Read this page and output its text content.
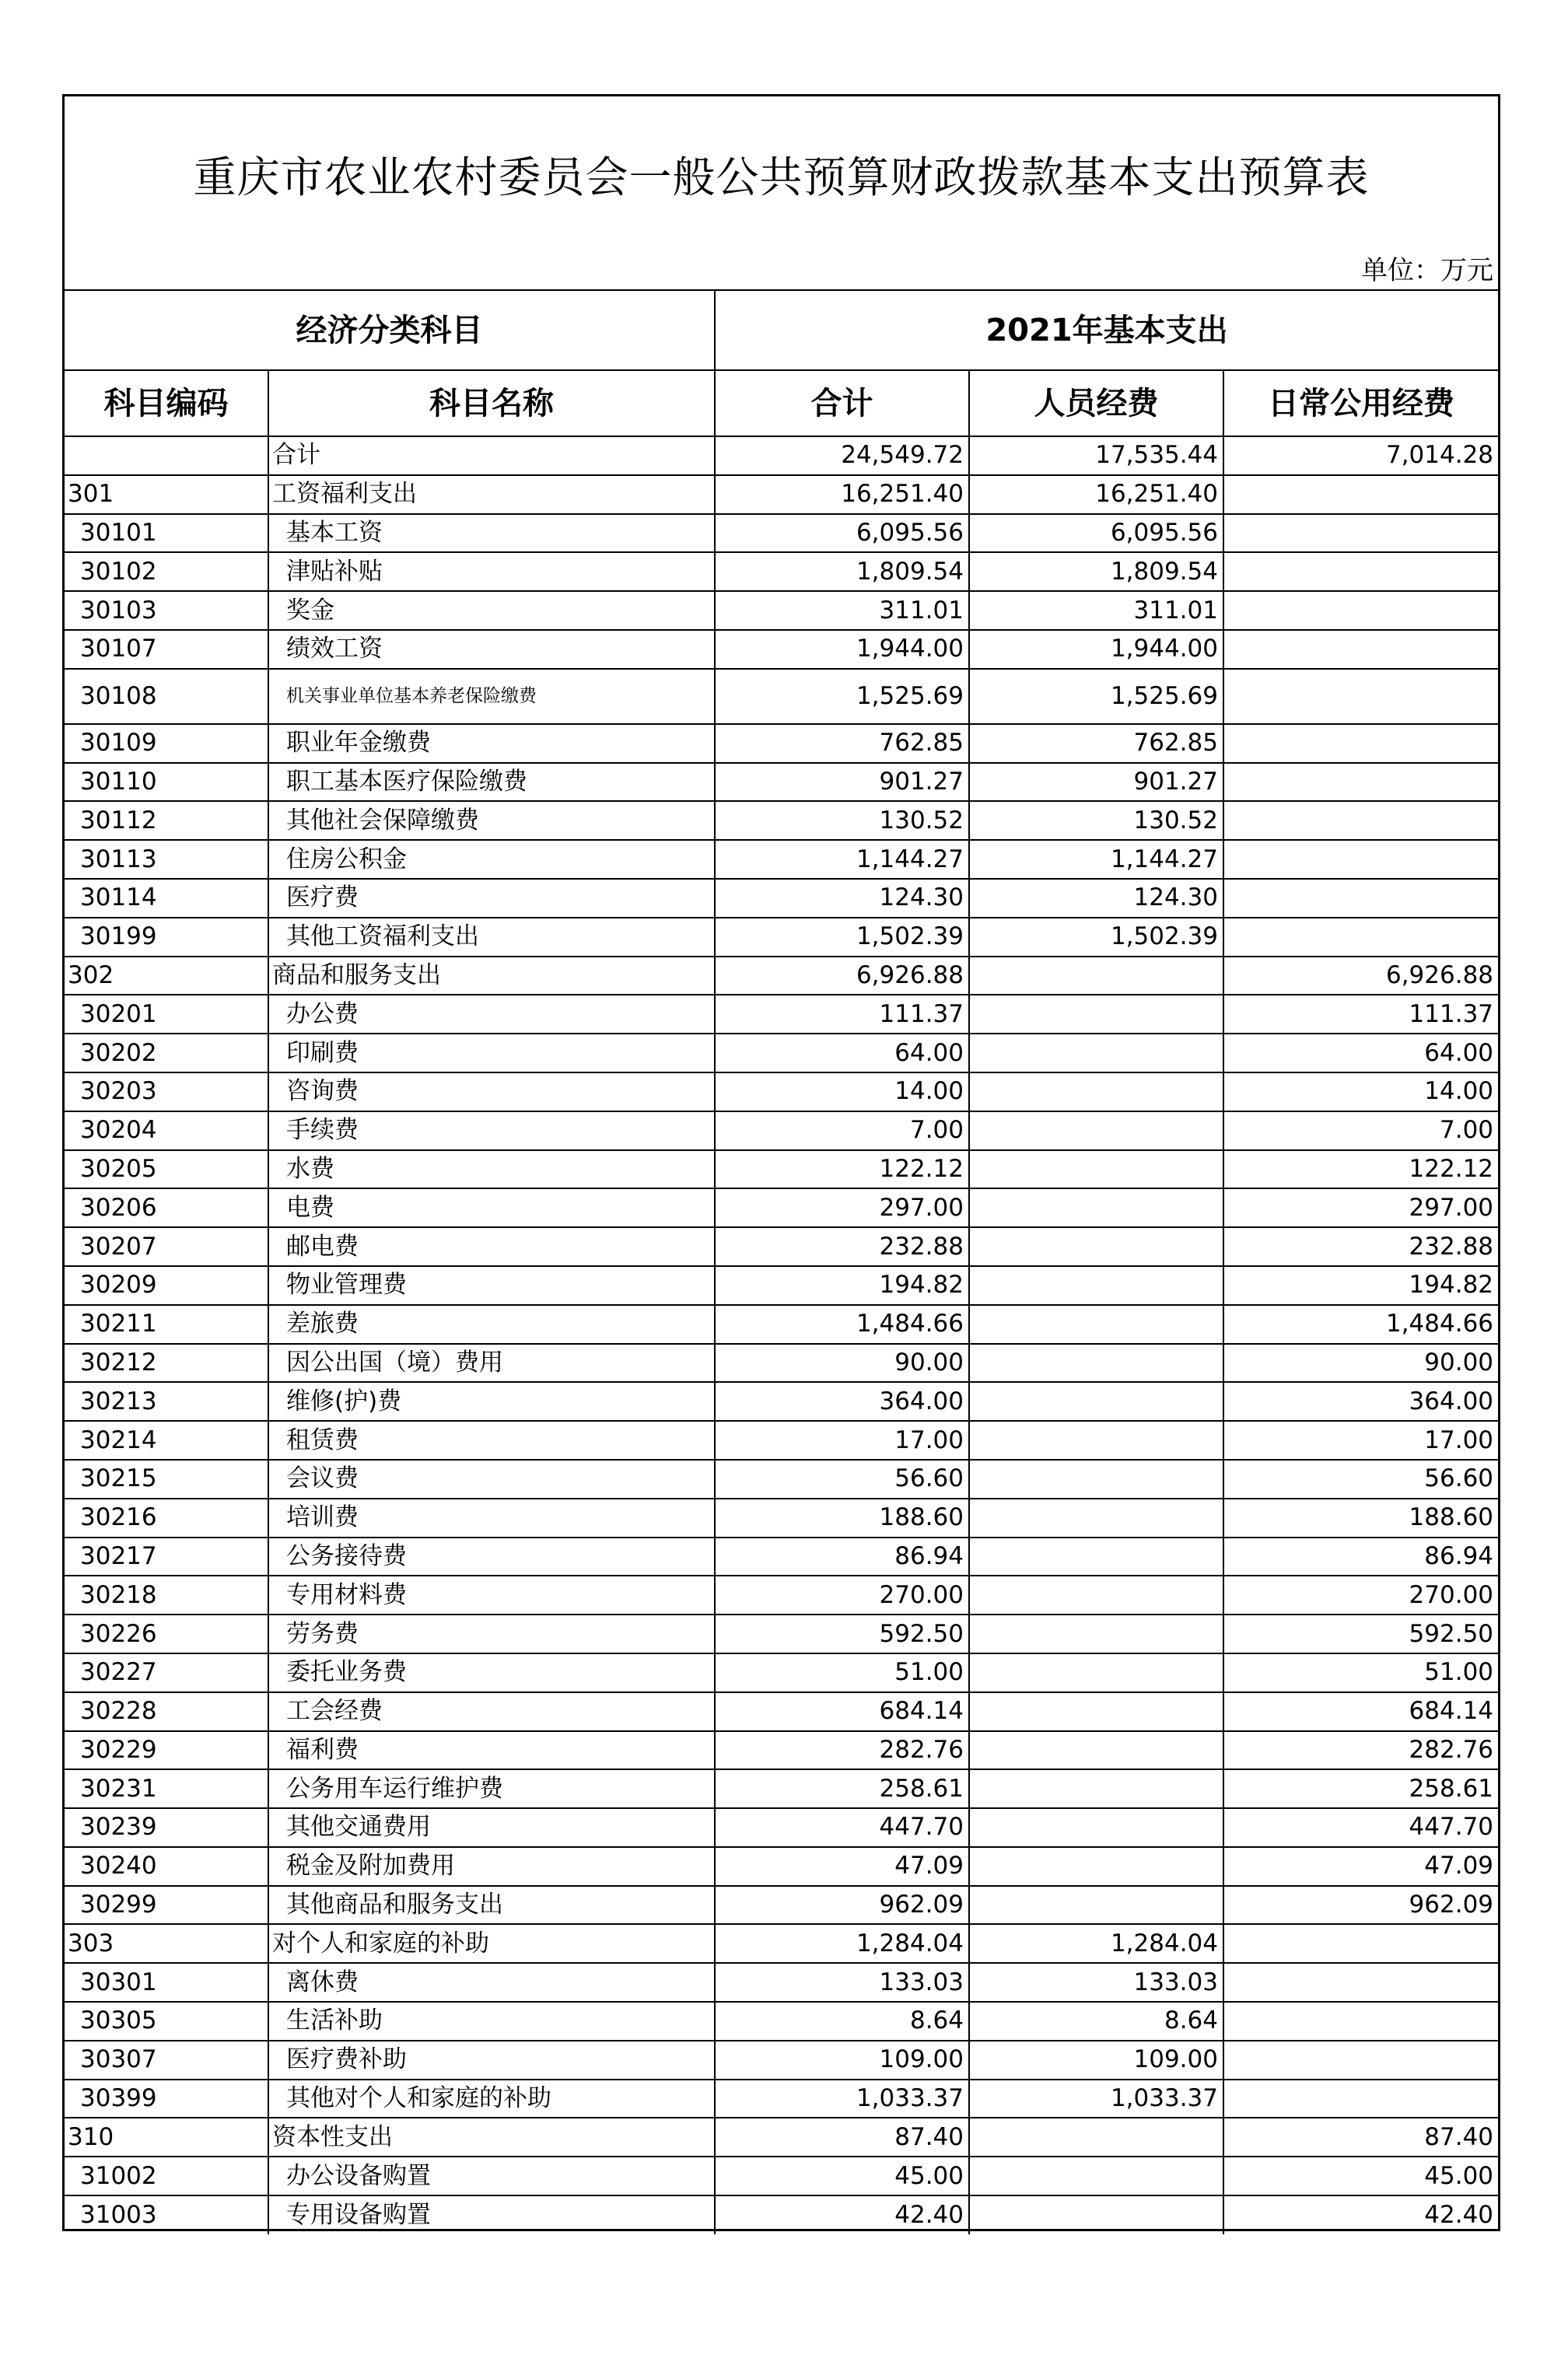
重庆市农业农村委员会一般公共预算财政拨款基本支出预算表
单位：万元
经济分类科目		2021年基本支出		
科目编码	科目名称	合计	人员经费	日常公用经费
	合计	24,549.72	17,535.44	7,014.28
301	工资福利支出	16,251.40	16,251.40	
30101	基本工资	6,095.56	6,095.56	
30102	津贴补贴	1,809.54	1,809.54	
30103	奖金	311.01	311.01	
30107	绩效工资	1,944.00	1,944.00	
30108	机关事业单位基本养老保险缴费	1,525.69	1,525.69	
30109	职业年金缴费	762.85	762.85	
30110	职工基本医疗保险缴费	901.27	901.27	
30112	其他社会保障缴费	130.52	130.52	
30113	住房公积金	1,144.27	1,144.27	
30114	医疗费	124.30	124.30	
30199	其他工资福利支出	1,502.39	1,502.39	
302	商品和服务支出	6,926.88		6,926.88
30201	办公费	111.37		111.37
30202	印刷费	64.00		64.00
30203	咨询费	14.00		14.00
30204	手续费	7.00		7.00
30205	水费	122.12		122.12
30206	电费	297.00		297.00
30207	邮电费	232.88		232.88
30209	物业管理费	194.82		194.82
30211	差旅费	1,484.66		1,484.66
30212	因公出国（境）费用	90.00		90.00
30213	维修(护)费	364.00		364.00
30214	租赁费	17.00		17.00
30215	会议费	56.60		56.60
30216	培训费	188.60		188.60
30217	公务接待费	86.94		86.94
30218	专用材料费	270.00		270.00
30226	劳务费	592.50		592.50
30227	委托业务费	51.00		51.00
30228	工会经费	684.14		684.14
30229	福利费	282.76		282.76
30231	公务用车运行维护费	258.61		258.61
30239	其他交通费用	447.70		447.70
30240	税金及附加费用	47.09		47.09
30299	其他商品和服务支出	962.09		962.09
303	对个人和家庭的补助	1,284.04	1,284.04	
30301	离休费	133.03	133.03	
30305	生活补助	8.64	8.64	
30307	医疗费补助	109.00	109.00	
30399	其他对个人和家庭的补助	1,033.37	1,033.37	
310	资本性支出	87.40		87.40
31002	办公设备购置	45.00		45.00
31003	专用设备购置	42.40		42.40
